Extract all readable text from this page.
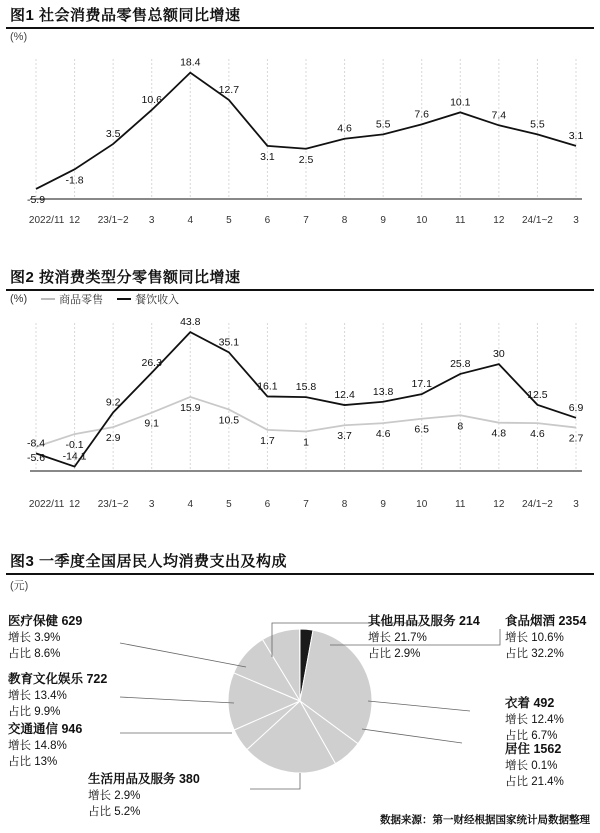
图1 社会消费品零售总额同比增速
(%)
-5.9
-1.8
3.5
10.6
18.4
12.7
3.1 2.5
4.6 5.5
7.6
10.1
7.4
5.5
3.1
2022/11 12 23/1~2 3	4	5	6	7	8	9	10	11	12 24/1~2 3
图2 按消费类型分零售额同比增速
(%)	商品零售	餐饮收入
-5.6
-0.1
2.9
9.1
15.9
10.5
1.7	1
3.7 4.6 6.5	8
4.8 4.6 2.7
-8.4
-14.1
9.2
26.3
43.8
35.1
16.1 15.8
12.4 13.8
17.1
25.8
30
12.5
6.9
2022/11 12 23/1~2 3	4	5	6	7	8	9	10	11	12 24/1~2 3
图3 一季度全国居民人均消费支出及构成
(元)
食品烟酒 2354
增长 10.6%
占比 32.2%
衣着 492
增长 12.4%
占比 6.7%
居住 1562
增长 0.1%
占比 21.4%
生活用品及服务 380
增长 2.9%
占比 5.2%
交通通信 946
增长 14.8%
占比 13%
教育文化娱乐 722
增长 13.4%
占比 9.9%
医疗保健 629
增长 3.9%
占比 8.6%
其他用品及服务 214
增长 21.7%
占比 2.9%
数据来源：第一财经根据国家统计局数据整理
